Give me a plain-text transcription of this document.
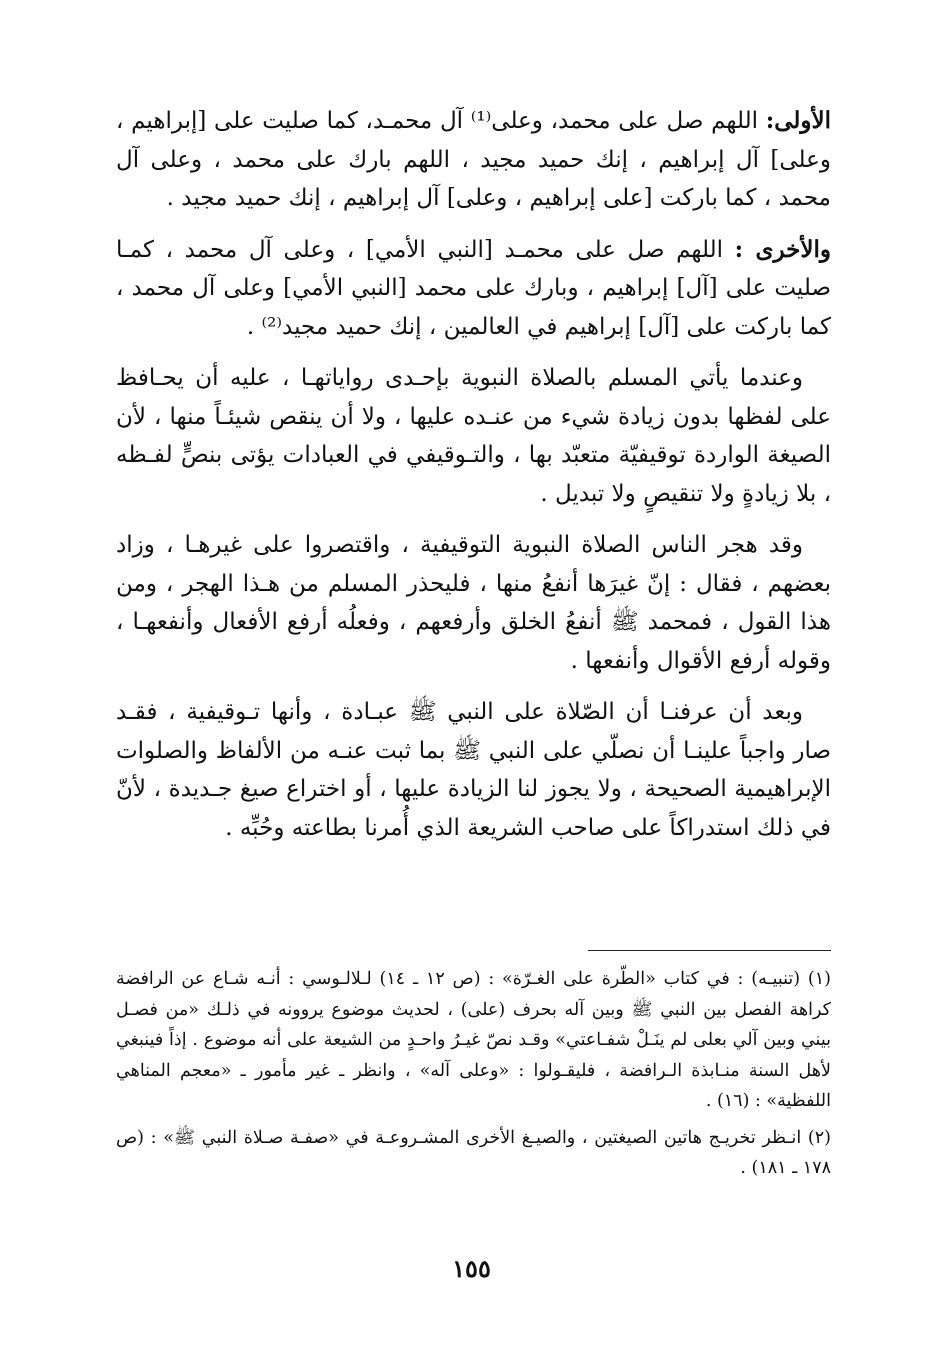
الأولى: اللهم صل على محمد، وعلى⁽¹⁾ آل محمـد، كما صليت على [إبراهيم ، وعلى] آل إبراهيم ، إنك حميد مجيد ، اللهم بارك على محمد ، وعلى آل محمد ، كما باركت [على إبراهيم ، وعلى] آل إبراهيم ، إنك حميد مجيد .

والأخرى : اللهم صل على محمـد [النبي الأمي] ، وعلى آل محمد ، كمـا صليت على [آل] إبراهيم ، وبارك على محمد [النبي الأمي] وعلى آل محمد ، كما باركت على [آل] إبراهيم في العالمين ، إنك حميد مجيد⁽²⁾ .

وعندما يأتي المسلم بالصلاة النبوية بإحـدى رواياتهـا ، عليه أن يحـافظ على لفظها بدون زيادة شيء من عنـده عليها ، ولا أن ينقص شيئـاً منها ، لأن الصيغة الواردة توقيفيّة متعبّد بها ، والتـوقيفي في العبادات يؤتى بنصٍّ لفـظه ، بلا زيادةٍ ولا تنقيصٍ ولا تبديل .

وقد هجر الناس الصلاة النبوية التوقيفية ، واقتصروا على غيرهـا ، وزاد بعضهم ، فقال : إنّ غيرَها أنفعُ منها ، فليحذر المسلم من هـذا الهجر ، ومن هذا القول ، فمحمد ﷺ أنفعُ الخلق وأرفعهم ، وفعلُه أرفع الأفعال وأنفعهـا ، وقوله أرفع الأقوال وأنفعها .

وبعد أن عرفنـا أن الصّلاة على النبي ﷺ عبـادة ، وأنها تـوقيفية ، فقـد صار واجباً علينـا أن نصلّي على النبي ﷺ بما ثبت عنـه من الألفاظ والصلوات الإبراهيمية الصحيحة ، ولا يجوز لنا الزيادة عليها ، أو اختراع صيغ جـديدة ، لأنّ في ذلك استدراكاً على صاحب الشريعة الذي أُمرنا بطاعته وحُبِّه .

(١) (تنبيـه) : في كتاب «الطّرة على الغـرّة» : (ص ١٢ ـ ١٤) لـلالـوسي : أنـه شـاع عن الرافضة كراهة الفصل بين النبي ﷺ وبين آله بحرف (على) ، لحديث موضوع يروونه في ذلـك «من فصـل بيني وبين آلي بعلى لم ينَـلْ شفـاعتي» وقـد نصّ غيـرُ واحـدٍ من الشيعة على أنه موضوع . إذاً فينبغي لأهل السنة منـابذة الـرافضة ، فليقـولوا : «وعلى آله» ، وانظر ـ غير مأمور ـ «معجم المناهي اللفظية» : (١٦) .

(٢) انـظر تخريـج هاتين الصيغتين ، والصيـغ الأخرى المشـروعـة في «صفـة صـلاة النبي ﷺ» : (ص ١٧٨ ـ ١٨١) .

١٥٥
